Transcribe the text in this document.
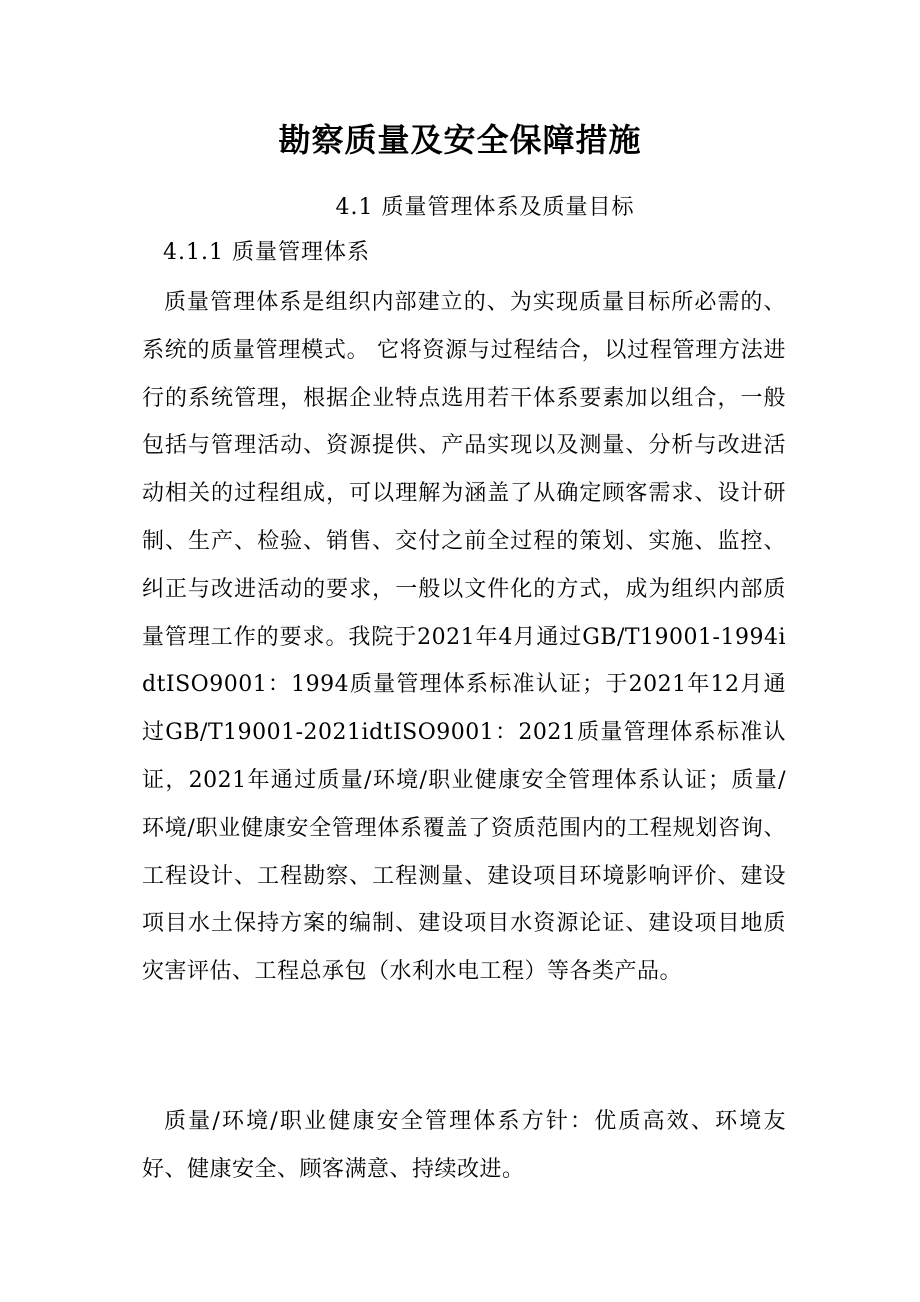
勘察质量及安全保障措施
4.1 质量管理体系及质量目标
4.1.1 质量管理体系

质量管理体系是组织内部建立的、为实现质量目标所必需的、系统的质量管理模式。 它将资源与过程结合，以过程管理方法进行的系统管理，根据企业特点选用若干体系要素加以组合，一般包括与管理活动、资源提供、产品实现以及测量、分析与改进活动相关的过程组成，可以理解为涵盖了从确定顾客需求、设计研制、生产、检验、销售、交付之前全过程的策划、实施、监控、纠正与改进活动的要求，一般以文件化的方式，成为组织内部质量管理工作的要求。我院于2021年4月通过GB/T19001-1994idtISO9001：1994质量管理体系标准认证；于2021年12月通过GB/T19001-2021idtISO9001：2021质量管理体系标准认证，2021年通过质量/环境/职业健康安全管理体系认证；质量/环境/职业健康安全管理体系覆盖了资质范围内的工程规划咨询、工程设计、工程勘察、工程测量、建设项目环境影响评价、建设项目水土保持方案的编制、建设项目水资源论证、建设项目地质灾害评估、工程总承包（水利水电工程）等各类产品。

质量/环境/职业健康安全管理体系方针：优质高效、环境友好、健康安全、顾客满意、持续改进。
